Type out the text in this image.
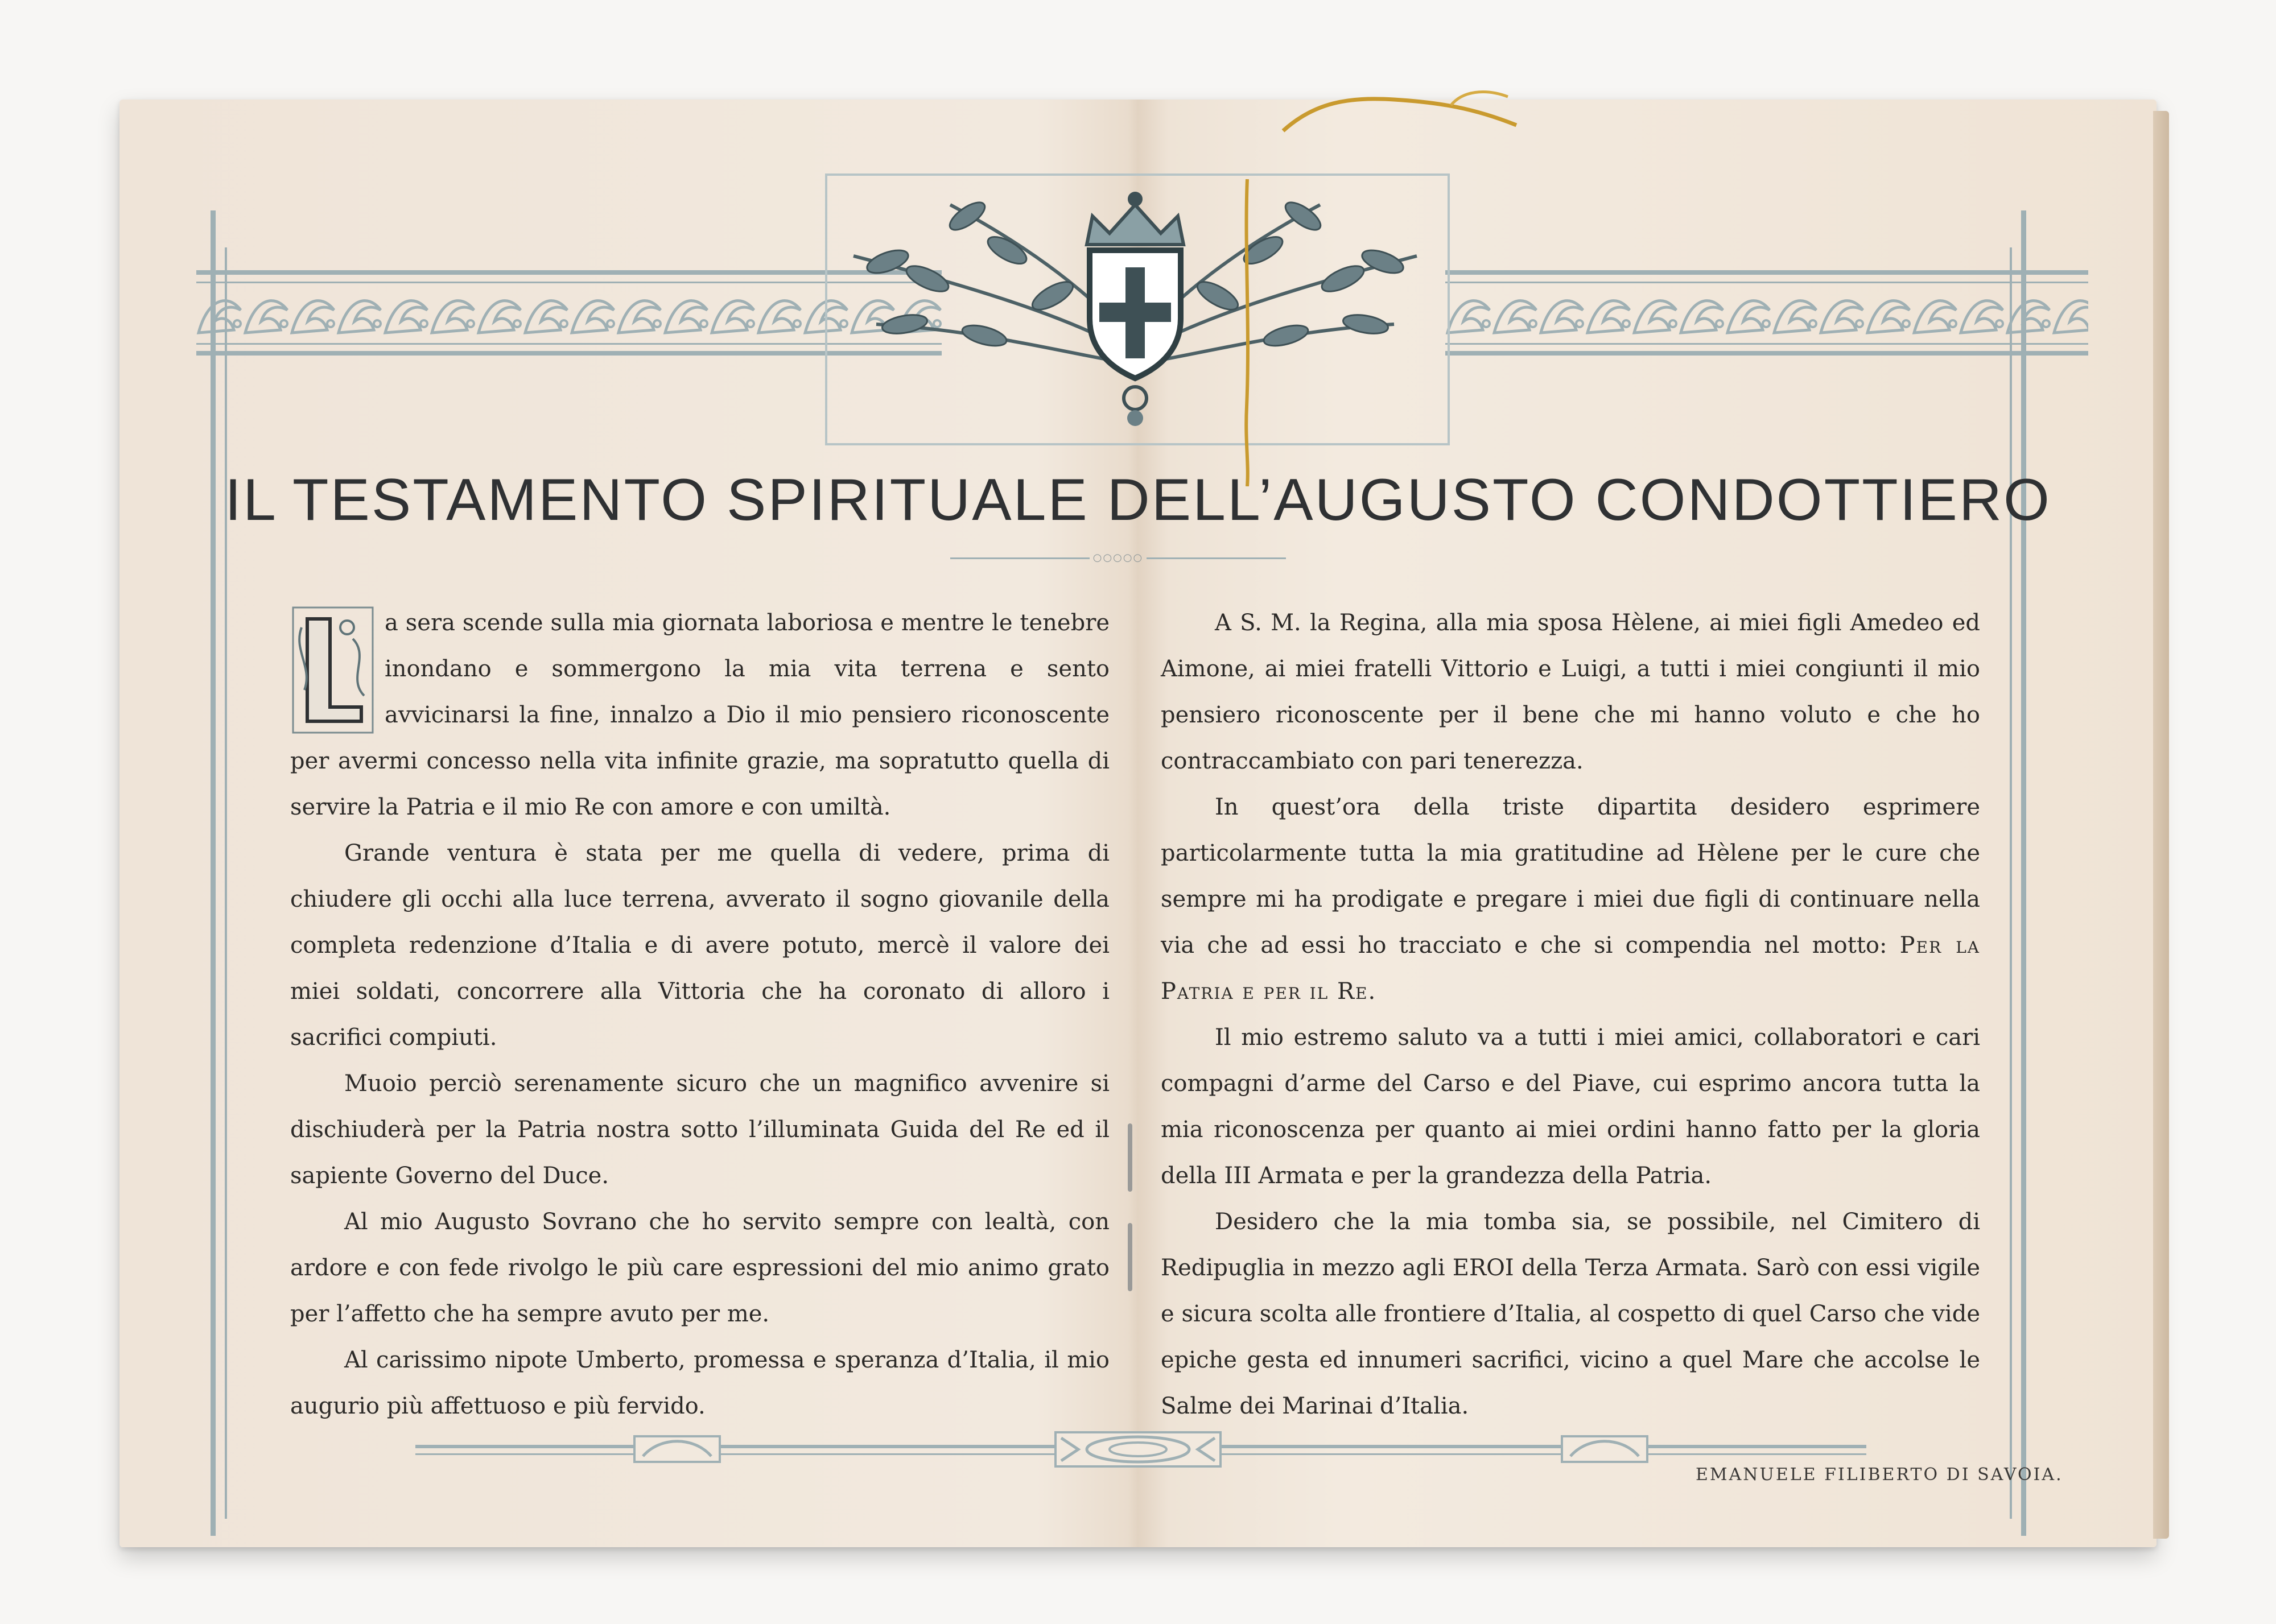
○○○○○
IL TESTAMENTO SPIRITUALE DELL’AUGUSTO CONDOTTIERO

a sera scende sulla mia giornata laboriosa e mentre le tenebre inondano e sommergono la mia vita terrena e sento avvicinarsi la fine, innalzo a Dio il mio pensiero riconoscente per avermi concesso nella vita infinite grazie, ma sopratutto quella di servire la Patria e il mio Re con amore e con umiltà.

Grande ventura è stata per me quella di vedere, prima di chiudere gli occhi alla luce terrena, avverato il sogno giovanile della completa redenzione d’Italia e di avere potuto, mercè il valore dei miei soldati, concorrere alla Vittoria che ha coronato di alloro i sacrifici compiuti.

Muoio perciò serenamente sicuro che un magnifico avvenire si dischiuderà per la Patria nostra sotto l’illuminata Guida del Re ed il sapiente Governo del Duce.

Al mio Augusto Sovrano che ho servito sempre con lealtà, con ardore e con fede rivolgo le più care espressioni del mio animo grato per l’affetto che ha sempre avuto per me.

Al carissimo nipote Umberto, promessa e speranza d’Italia, il mio augurio più affettuoso e più fervido.

A S. M. la Regina, alla mia sposa Hèlene, ai miei figli Amedeo ed Aimone, ai miei fratelli Vittorio e Luigi, a tutti i miei congiunti il mio pensiero riconoscente per il bene che mi hanno voluto e che ho contraccambiato con pari tenerezza.

In quest’ora della triste dipartita desidero esprimere particolarmente tutta la mia gratitudine ad Hèlene per le cure che sempre mi ha prodigate e pregare i miei due figli di continuare nella via che ad essi ho tracciato e che si compendia nel motto: Per la Patria e per il Re.

Il mio estremo saluto va a tutti i miei amici, collaboratori e cari compagni d’arme del Carso e del Piave, cui esprimo ancora tutta la mia riconoscenza per quanto ai miei ordini hanno fatto per la gloria della III Armata e per la grandezza della Patria.

Desidero che la mia tomba sia, se possibile, nel Cimitero di Redipuglia in mezzo agli EROI della Terza Armata. Sarò con essi vigile e sicura scolta alle frontiere d’Italia, al cospetto di quel Carso che vide epiche gesta ed innumeri sacrifici, vicino a quel Mare che accolse le Salme dei Marinai d’Italia.

EMANUELE FILIBERTO DI SAVOIA.
